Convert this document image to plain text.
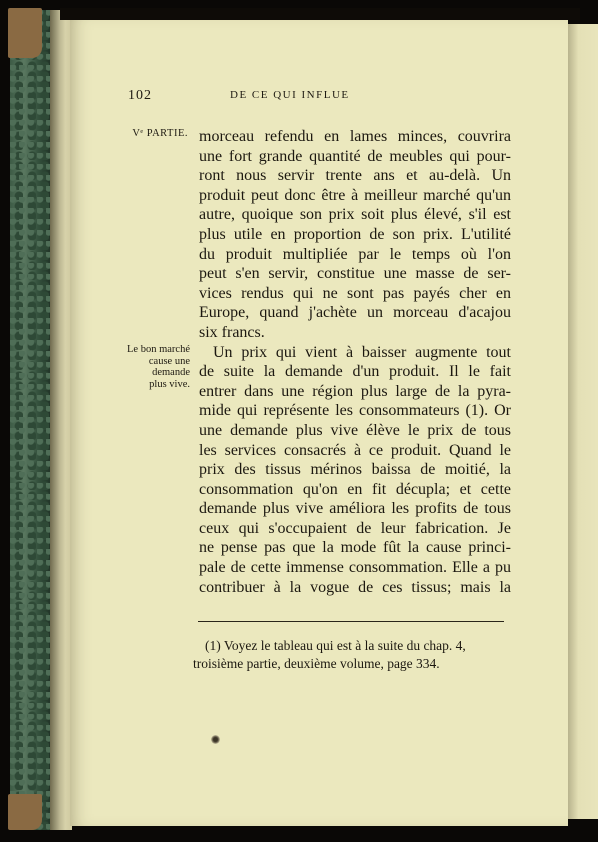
102	DE CE QUI INFLUE
Vᵉ PARTIE.
Le bon marché
cause une
demande
plus vive.
morceau refendu en lames minces, couvrira
une fort grande quantité de meubles qui pour-
ront nous servir trente ans et au-delà. Un
produit peut donc être à meilleur marché qu'un
autre, quoique son prix soit plus élevé, s'il est
plus utile en proportion de son prix. L'utilité
du produit multipliée par le temps où l'on
peut s'en servir, constitue une masse de ser-
vices rendus qui ne sont pas payés cher en
Europe, quand j'achète un morceau d'acajou
six francs.
Un prix qui vient à baisser augmente tout
de suite la demande d'un produit. Il le fait
entrer dans une région plus large de la pyra-
mide qui représente les consommateurs (1). Or
une demande plus vive élève le prix de tous
les services consacrés à ce produit. Quand le
prix des tissus mérinos baissa de moitié, la
consommation qu'on en fit décupla; et cette
demande plus vive améliora les profits de tous
ceux qui s'occupaient de leur fabrication. Je
ne pense pas que la mode fût la cause princi-
pale de cette immense consommation. Elle a pu
contribuer à la vogue de ces tissus; mais la
(1) Voyez le tableau qui est à la suite du chap. 4,
troisième partie, deuxième volume, page 334.
